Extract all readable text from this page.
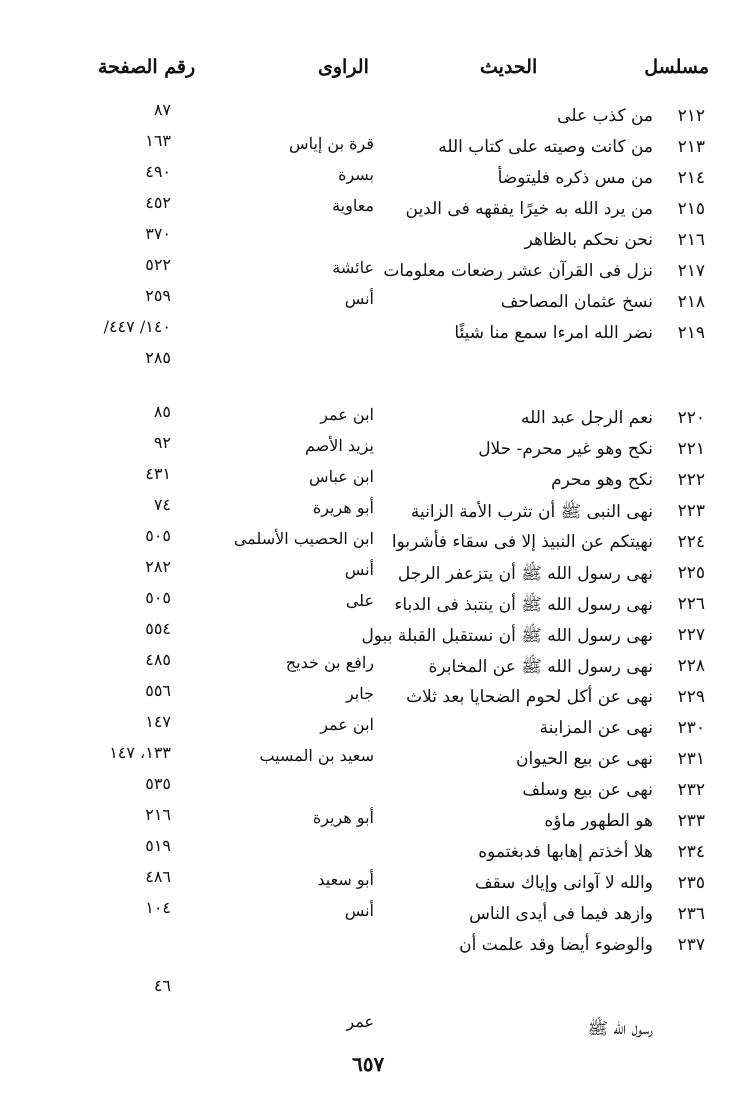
مسلسل
الحديث
الراوى
رقم الصفحة
٢١٢
من كذب على
٨٧
٢١٣
من كانت وصيته على كتاب الله
قرة بن إياس
١٦٣
٢١٤
من مس ذكره فليتوضأ
بسرة
٤٩٠
٢١٥
من يرد الله به خيرًا يفقهه فى الدين
معاوية
٤٥٢
٢١٦
نحن نحكم بالظاهر
٣٧٠
٢١٧
نزل فى القرآن عشر رضعات معلومات
عائشة
٥٢٢
٢١٨
نسخ عثمان المصاحف
أنس
٢٥٩
٢١٩
نضر الله امرءا سمع منا شيئًا
١٤٠/ ٤٤٧/
٢٨٥
٢٢٠
نعم الرجل عبد الله
ابن عمر
٨٥
٢٢١
نكح وهو غير محرم- حلال
يزيد الأصم
٩٢
٢٢٢
نكح وهو محرم
ابن عباس
٤٣١
٢٢٣
نهى النبى ﷺ أن تثرب الأمة الزانية
أبو هريرة
٧٤
٢٢٤
نهيتكم عن النبيذ إلا فى سقاء فأشربوا
ابن الحصيب الأسلمى
٥٠٥
٢٢٥
نهى رسول الله ﷺ أن يتزعفر الرجل
أنس
٢٨٢
٢٢٦
نهى رسول الله ﷺ أن ينتبذ فى الدباء
على
٥٠٥
٢٢٧
نهى رسول الله ﷺ أن نستقبل القبلة ببول
٥٥٤
٢٢٨
نهى رسول الله ﷺ عن المخابرة
رافع بن خديج
٤٨٥
٢٢٩
نهى عن أكل لحوم الضحايا بعد ثلاث
جابر
٥٥٦
٢٣٠
نهى عن المزابنة
ابن عمر
١٤٧
٢٣١
نهى عن بيع الحيوان
سعيد بن المسيب
١٣٣، ١٤٧
٢٣٢
نهى عن بيع وسلف
٥٣٥
٢٣٣
هو الطهور ماؤه
أبو هريرة
٢١٦
٢٣٤
هلا أخذتم إهابها فدبغتموه
٥١٩
٢٣٥
والله لا آوانى وإياك سقف
أبو سعيد
٤٨٦
٢٣٦
وازهد فيما فى أيدى الناس
أنس
١٠٤
٢٣٧
والوضوء أيضا وقد علمت أن
رسول الله ﷺ
عمر
٤٦
٦٥٧
